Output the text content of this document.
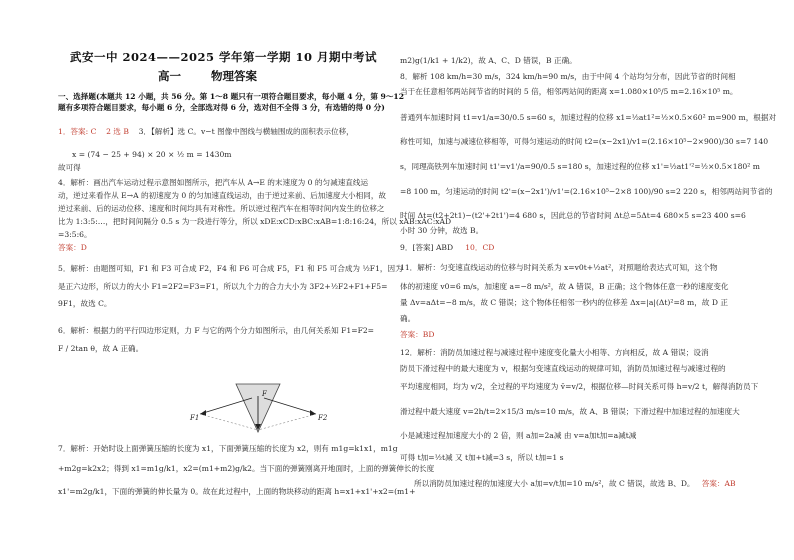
武安一中 2024——2025 学年第一学期 10 月期中考试
高一	物理答案
一、选择题(本题共 12 小题，共 56 分。第 1～8 题只有一项符合题目要求，每小题 4 分，第 9～12
题有多项符合题目要求，每小题 6 分，全部选对得 6 分，选对但不全得 3 分，有选错的得 0 分)
1．答案: C 2 选 B 3．【解析】选 C。v−t 图像中图线与横轴围成的面积表示位移，
x = (74 − 25 + 94) × 20 × ½ m = 1430m
故可得
4．解析：画出汽车运动过程示意图如图所示，把汽车从 A→E 的末速度为 0 的匀减速直线运
动，逆过来看作从 E→A 的初速度为 0 的匀加速直线运动，由于逆过来前、后加速度大小相同，故
逆过来前、后的运动位移、速度和时间均具有对称性。所以逆过程汽车在相等时间内发生的位移之
比为 1:3:5:…，把时间间隔分 0.5 s 为一段进行等分，所以 xDE:xCD:xBC:xAB=1:8:16:24，所以 xAB:xAC:xAD
=3:5:6。
答案：D
5．解析：由题图可知，F1 和 F3 可合成 F2，F4 和 F6 可合成 F5，F1 和 F5 可合成为 ½F1，因为
是正六边形，所以力的大小 F1=2F2=F3=F1，所以九个力的合力大小为 3F2+½F2+F1+F5=
9F1，故选 C。
6．解析：根据力的平行四边形定则，力 F 与它的两个分力如图所示，由几何关系知 F1=F2=
F / 2tan θ，故 A 正确。
F1	F2
F
7．解析：开始时设上面弹簧压缩的长度为 x1，下面弹簧压缩的长度为 x2，则有 m1g=k1x1，m1g
+m2g=k2x2；得到 x1=m1g/k1，x2=(m1+m2)g/k2。当下面的弹簧刚离开地面时，上面的弹簧伸长的长度
x1'=m2g/k1，下面的弹簧的伸长量为 0。故在此过程中，上面的物块移动的距离 h=x1+x1'+x2=(m1+
m2)g(1/k1 + 1/k2)，故 A、C、D 错误，B 正确。
8．解析 108 km/h=30 m/s，324 km/h=90 m/s，由于中间 4 个站均匀分布，因此节省的时间相
当于在任意相邻两站间节省的时间的 5 倍，相邻两站间的距离 x=1.080×10⁵/5 m=2.16×10⁵ m。
普通列车加速时间 t1=v1/a=30/0.5 s=60 s，加速过程的位移 x1=½at1²=½×0.5×60² m=900 m，根据对
称性可知，加速与减速位移相等，可得匀速运动的时间 t2=(x−2x1)/v1=(2.16×10⁵−2×900)/30 s=7 140
s，同理高铁列车加速时间 t1'=v1'/a=90/0.5 s=180 s，加速过程的位移 x1'=½at1'²=½×0.5×180² m
=8 100 m，匀速运动的时间 t2'=(x−2x1')/v1'=(2.16×10⁵−2×8 100)/90 s=2 220 s，相邻两站间节省的
时间 Δt=(t2+2t1)−(t2'+2t1')=4 680 s，因此总的节省时间 Δt总=5Δt=4 680×5 s=23 400 s=6
小时 30 分钟，故选 B。
9．[答案] ABD 10．CD
11．解析：匀变速直线运动的位移与时间关系为 x=v0t+½at²，对照题给表达式可知，这个物
体的初速度 v0=6 m/s，加速度 a=−8 m/s²，故 A 错误，B 正确；这个物体任意一秒的速度变化
量 Δv=aΔt=−8 m/s，故 C 错误；这个物体任相邻一秒内的位移差 Δx=|a|(Δt)²=8 m，故 D 正
确。
答案：BD
12．解析：消防员加速过程与减速过程中速度变化量大小相等、方向相反，故 A 错误；设消
防员下滑过程中的最大速度为 v，根据匀变速直线运动的规律可知，消防员加速过程与减速过程的
平均速度相同，均为 v/2，全过程的平均速度为 v̄=v/2，根据位移—时间关系可得 h=v/2 t，解得消防员下
滑过程中最大速度 v=2h/t=2×15/3 m/s=10 m/s，故 A、B 错误；下滑过程中加速过程的加速度大
小是减速过程加速度大小的 2 倍，则 a加=2a减 由 v=a加t加=a减t减
可得 t加=½t减 又 t加+t减=3 s，所以 t加=1 s
所以消防员加速过程的加速度大小 a加=v/t加=10 m/s²，故 C 错误，故选 B、D。 答案：AB
